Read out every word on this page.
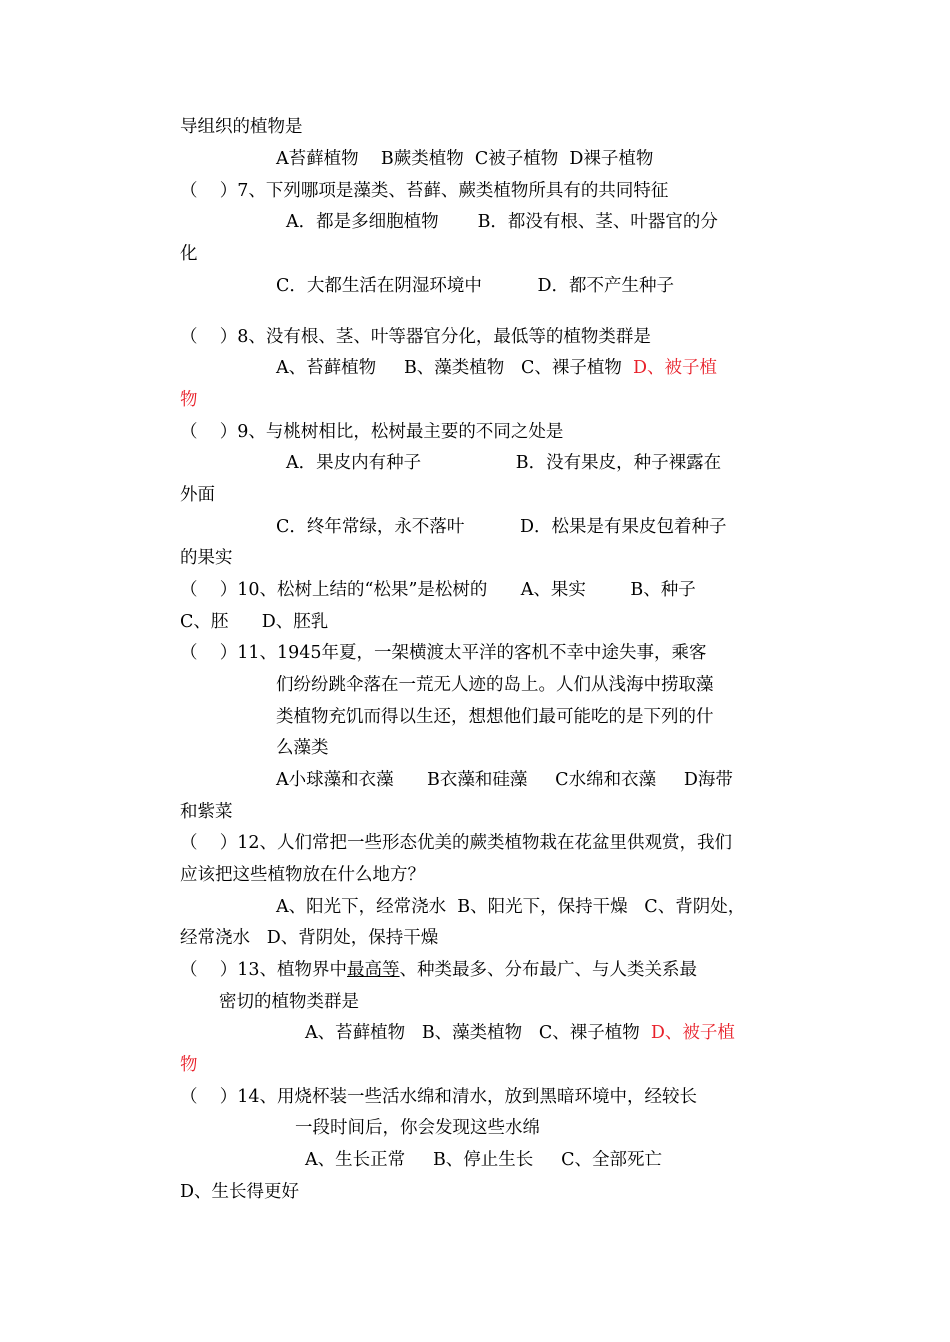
导组织的植物是
A苔藓植物    B蕨类植物  C被子植物  D裸子植物
（    ）7、下列哪项是藻类、苔藓、蕨类植物所具有的共同特征
A．都是多细胞植物       B．都没有根、茎、叶器官的分
化
C．大都生活在阴湿环境中          D．都不产生种子
（    ）8、没有根、茎、叶等器官分化，最低等的植物类群是
A、苔藓植物     B、藻类植物   C、裸子植物  D、被子植
物
（    ）9、与桃树相比，松树最主要的不同之处是
A．果皮内有种子                 B．没有果皮，种子裸露在
外面
C．终年常绿，永不落叶          D．松果是有果皮包着种子
的果实
（    ）10、松树上结的“松果”是松树的      A、果实        B、种子
C、胚      D、胚乳
（    ）11、1945年夏，一架横渡太平洋的客机不幸中途失事，乘客
们纷纷跳伞落在一荒无人迹的岛上。人们从浅海中捞取藻
类植物充饥而得以生还，想想他们最可能吃的是下列的什
么藻类
A小球藻和衣藻      B衣藻和硅藻     C水绵和衣藻     D海带
和紫菜
（    ）12、人们常把一些形态优美的蕨类植物栽在花盆里供观赏，我们
应该把这些植物放在什么地方？
A、阳光下，经常浇水  B、阳光下，保持干燥   C、背阴处，
经常浇水   D、背阴处，保持干燥
（    ）13、植物界中最高等、种类最多、分布最广、与人类关系最
密切的植物类群是
A、苔藓植物   B、藻类植物   C、裸子植物  D、被子植
物
（    ）14、用烧杯装一些活水绵和清水，放到黑暗环境中，经较长
一段时间后，你会发现这些水绵
A、生长正常     B、停止生长     C、全部死亡
D、生长得更好
